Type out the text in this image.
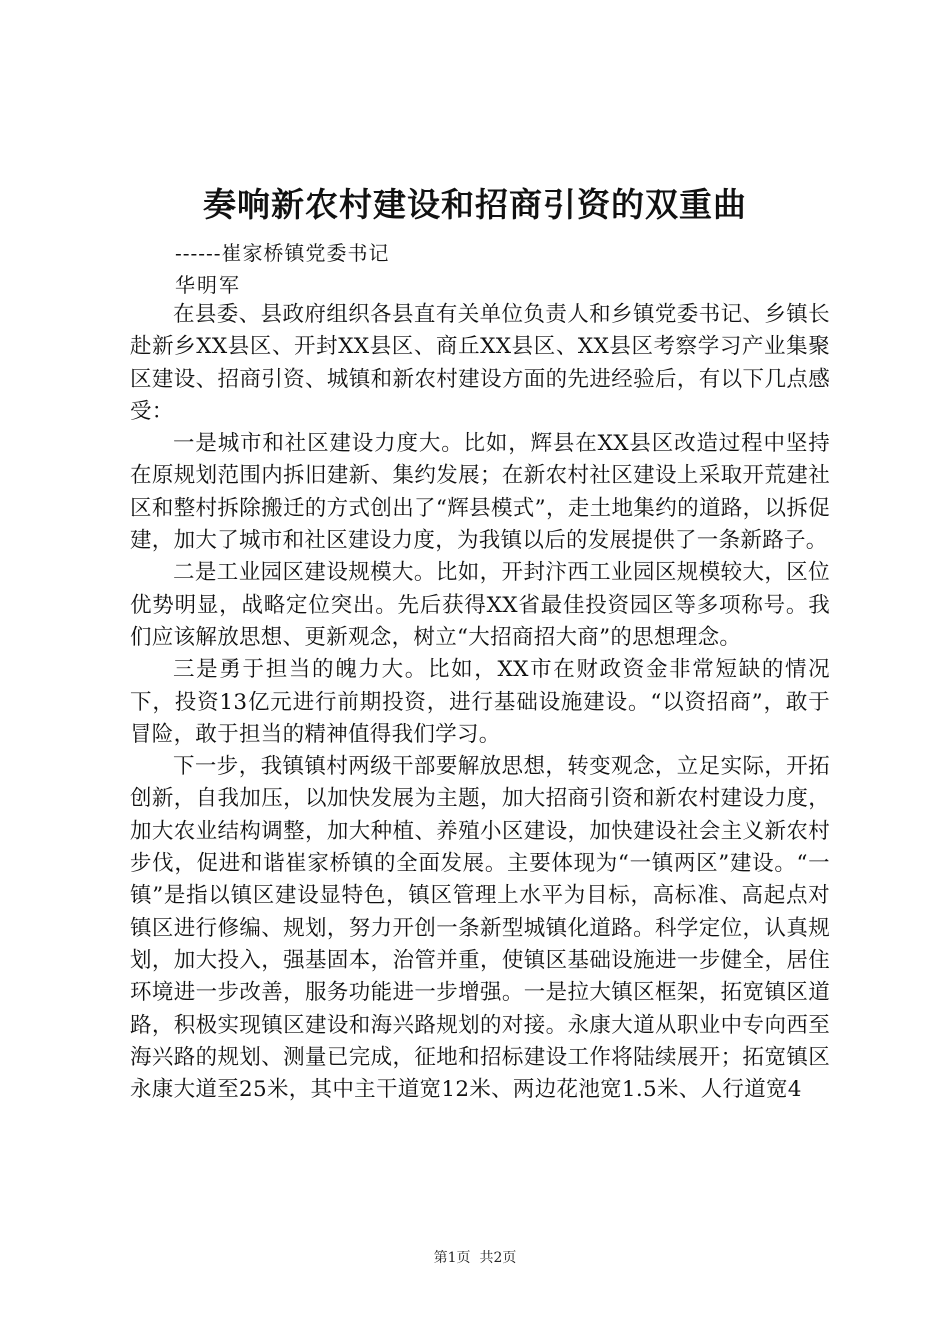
奏响新农村建设和招商引资的双重曲

------崔家桥镇党委书记

华明军

在县委、县政府组织各县直有关单位负责人和乡镇党委书记、乡镇长赴新乡XX县区、开封XX县区、商丘XX县区、XX县区考察学习产业集聚区建设、招商引资、城镇和新农村建设方面的先进经验后，有以下几点感受：

一是城市和社区建设力度大。比如，辉县在XX县区改造过程中坚持在原规划范围内拆旧建新、集约发展；在新农村社区建设上采取开荒建社区和整村拆除搬迁的方式创出了“辉县模式”，走土地集约的道路，以拆促建，加大了城市和社区建设力度，为我镇以后的发展提供了一条新路子。

二是工业园区建设规模大。比如，开封汴西工业园区规模较大，区位优势明显，战略定位突出。先后获得XX省最佳投资园区等多项称号。我们应该解放思想、更新观念，树立“大招商招大商”的思想理念。

三是勇于担当的魄力大。比如，XX市在财政资金非常短缺的情况下，投资13亿元进行前期投资，进行基础设施建设。“以资招商”，敢于冒险，敢于担当的精神值得我们学习。

下一步，我镇镇村两级干部要解放思想，转变观念，立足实际，开拓创新，自我加压，以加快发展为主题，加大招商引资和新农村建设力度，加大农业结构调整，加大种植、养殖小区建设，加快建设社会主义新农村步伐，促进和谐崔家桥镇的全面发展。主要体现为“一镇两区”建设。“一镇”是指以镇区建设显特色，镇区管理上水平为目标，高标准、高起点对镇区进行修编、规划，努力开创一条新型城镇化道路。科学定位，认真规划，加大投入，强基固本，治管并重，使镇区基础设施进一步健全，居住环境进一步改善，服务功能进一步增强。一是拉大镇区框架，拓宽镇区道路，积极实现镇区建设和海兴路规划的对接。永康大道从职业中专向西至海兴路的规划、测量已完成，征地和招标建设工作将陆续展开；拓宽镇区永康大道至25米，其中主干道宽12米、两边花池宽1.5米、人行道宽4

第1页 共2页
